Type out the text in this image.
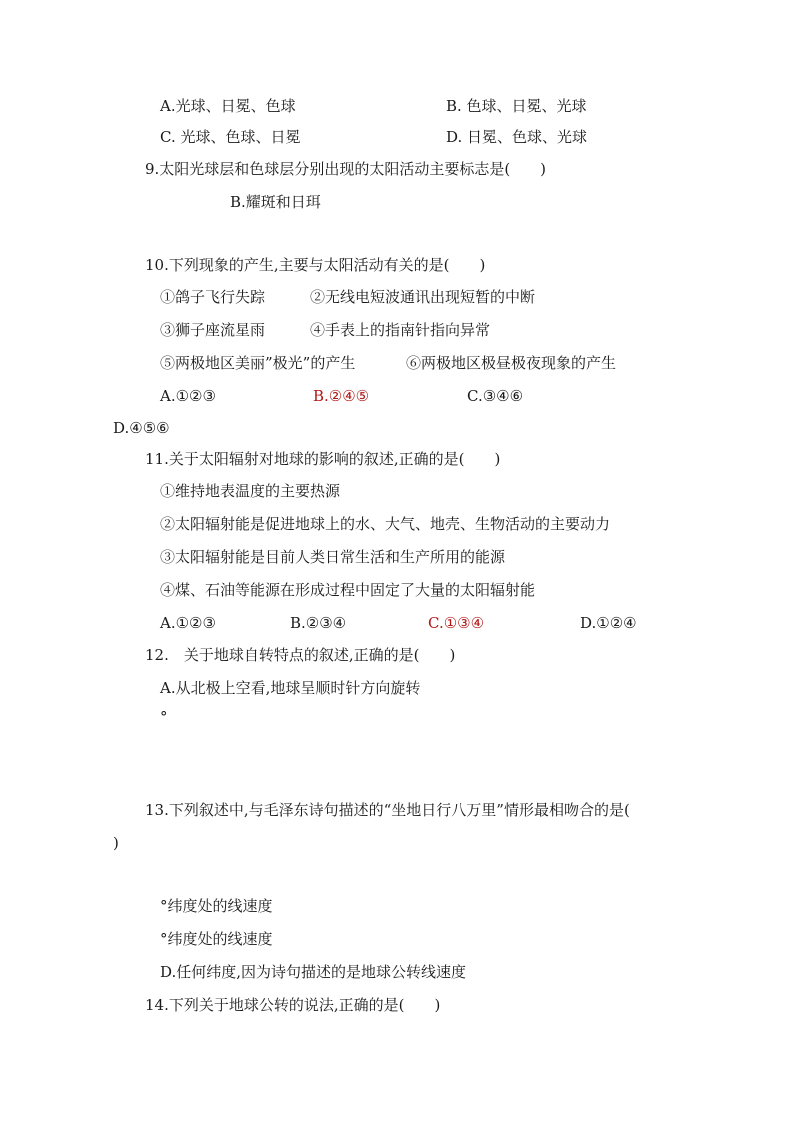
A.光球、日冕、色球	B. 色球、日冕、光球
C. 光球、色球、日冕	D. 日冕、色球、光球
9.太阳光球层和色球层分别出现的太阳活动主要标志是(　　)
B.耀斑和日珥
10.下列现象的产生,主要与太阳活动有关的是(　　)
①鸽子飞行失踪	②无线电短波通讯出现短暂的中断
③狮子座流星雨	④手表上的指南针指向异常
⑤两极地区美丽”极光”的产生	⑥两极地区极昼极夜现象的产生
A.①②③	B.②④⑤	C.③④⑥
D.④⑤⑥
11.关于太阳辐射对地球的影响的叙述,正确的是(　　)
①维持地表温度的主要热源
②太阳辐射能是促进地球上的水、大气、地壳、生物活动的主要动力
③太阳辐射能是目前人类日常生活和生产所用的能源
④煤、石油等能源在形成过程中固定了大量的太阳辐射能
A.①②③	B.②③④	C.①③④	D.①②④
12.　关于地球自转特点的叙述,正确的是(　　)
A.从北极上空看,地球呈顺时针方向旋转
°
13.下列叙述中,与毛泽东诗句描述的“坐地日行八万里”情形最相吻合的是(
)
°纬度处的线速度
°纬度处的线速度
D.任何纬度,因为诗句描述的是地球公转线速度
14.下列关于地球公转的说法,正确的是(　　)
